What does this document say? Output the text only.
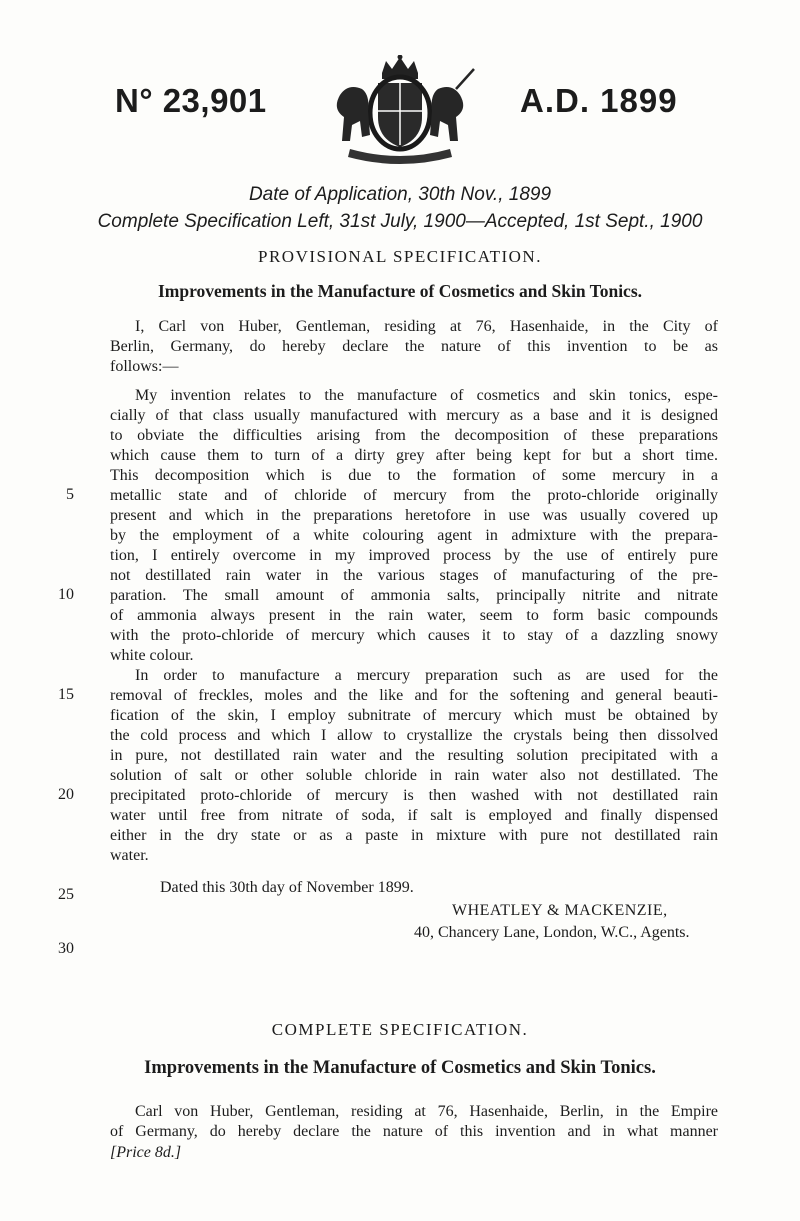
N° 23,901	A.D. 1899
Date of Application, 30th Nov., 1899
Complete Specification Left, 31st July, 1900—Accepted, 1st Sept., 1900
PROVISIONAL SPECIFICATION.
Improvements in the Manufacture of Cosmetics and Skin Tonics.
I, Carl von Huber, Gentleman, residing at 76, Hasenhaide, in the City of
Berlin, Germany, do hereby declare the nature of this invention to be as
follows:—
My invention relates to the manufacture of cosmetics and skin tonics, espe-
cially of that class usually manufactured with mercury as a base and it is designed
to obviate the difficulties arising from the decomposition of these preparations
which cause them to turn of a dirty grey after being kept for but a short time.
This decomposition which is due to the formation of some mercury in a
metallic state and of chloride of mercury from the proto-chloride originally
present and which in the preparations heretofore in use was usually covered up
by the employment of a white colouring agent in admixture with the prepara-
tion, I entirely overcome in my improved process by the use of entirely pure
not destillated rain water in the various stages of manufacturing of the pre-
paration. The small amount of ammonia salts, principally nitrite and nitrate
of ammonia always present in the rain water, seem to form basic compounds
with the proto-chloride of mercury which causes it to stay of a dazzling snowy
white colour.
In order to manufacture a mercury preparation such as are used for the
removal of freckles, moles and the like and for the softening and general beauti-
fication of the skin, I employ subnitrate of mercury which must be obtained by
the cold process and which I allow to crystallize the crystals being then dissolved
in pure, not destillated rain water and the resulting solution precipitated with a
solution of salt or other soluble chloride in rain water also not destillated. The
precipitated proto-chloride of mercury is then washed with not destillated rain
water until free from nitrate of soda, if salt is employed and finally dispensed
either in the dry state or as a paste in mixture with pure not destillated rain
water.
5
10
15
20
25
30
Dated this 30th day of November 1899.
WHEATLEY & MACKENZIE,
40, Chancery Lane, London, W.C., Agents.
COMPLETE SPECIFICATION.
Improvements in the Manufacture of Cosmetics and Skin Tonics.
Carl von Huber, Gentleman, residing at 76, Hasenhaide, Berlin, in the Empire
of Germany, do hereby declare the nature of this invention and in what manner
[Price 8d.]
